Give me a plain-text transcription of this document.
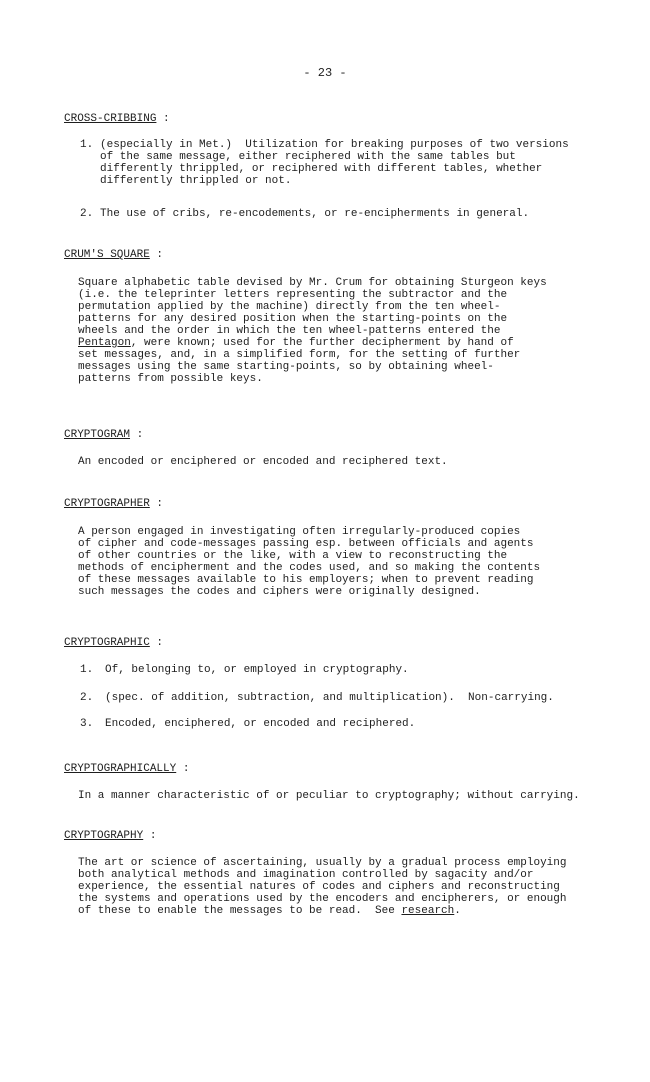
- 23 -
CROSS-CRIBBING :
1. (especially in Met.)  Utilization for breaking purposes of two versions
of the same message, either reciphered with the same tables but
differently thrippled, or reciphered with different tables, whether
differently thrippled or not.
2. The use of cribs, re-encodements, or re-encipherments in general.
CRUM'S SQUARE :
Square alphabetic table devised by Mr. Crum for obtaining Sturgeon keys
(i.e. the teleprinter letters representing the subtractor and the
permutation applied by the machine) directly from the ten wheel-
patterns for any desired position when the starting-points on the
wheels and the order in which the ten wheel-patterns entered the
Pentagon, were known; used for the further decipherment by hand of
set messages, and, in a simplified form, for the setting of further
messages using the same starting-points, so by obtaining wheel-
patterns from possible keys.
CRYPTOGRAM :
An encoded or enciphered or encoded and reciphered text.
CRYPTOGRAPHER :
A person engaged in investigating often irregularly-produced copies
of cipher and code-messages passing esp. between officials and agents
of other countries or the like, with a view to reconstructing the
methods of encipherment and the codes used, and so making the contents
of these messages available to his employers; when to prevent reading
such messages the codes and ciphers were originally designed.
CRYPTOGRAPHIC :
1. Of, belonging to, or employed in cryptography.
2. (spec. of addition, subtraction, and multiplication).  Non-carrying.
3. Encoded, enciphered, or encoded and reciphered.
CRYPTOGRAPHICALLY :
In a manner characteristic of or peculiar to cryptography; without carrying.
CRYPTOGRAPHY :
The art or science of ascertaining, usually by a gradual process employing
both analytical methods and imagination controlled by sagacity and/or
experience, the essential natures of codes and ciphers and reconstructing
the systems and operations used by the encoders and encipherers, or enough
of these to enable the messages to be read.  See research.
